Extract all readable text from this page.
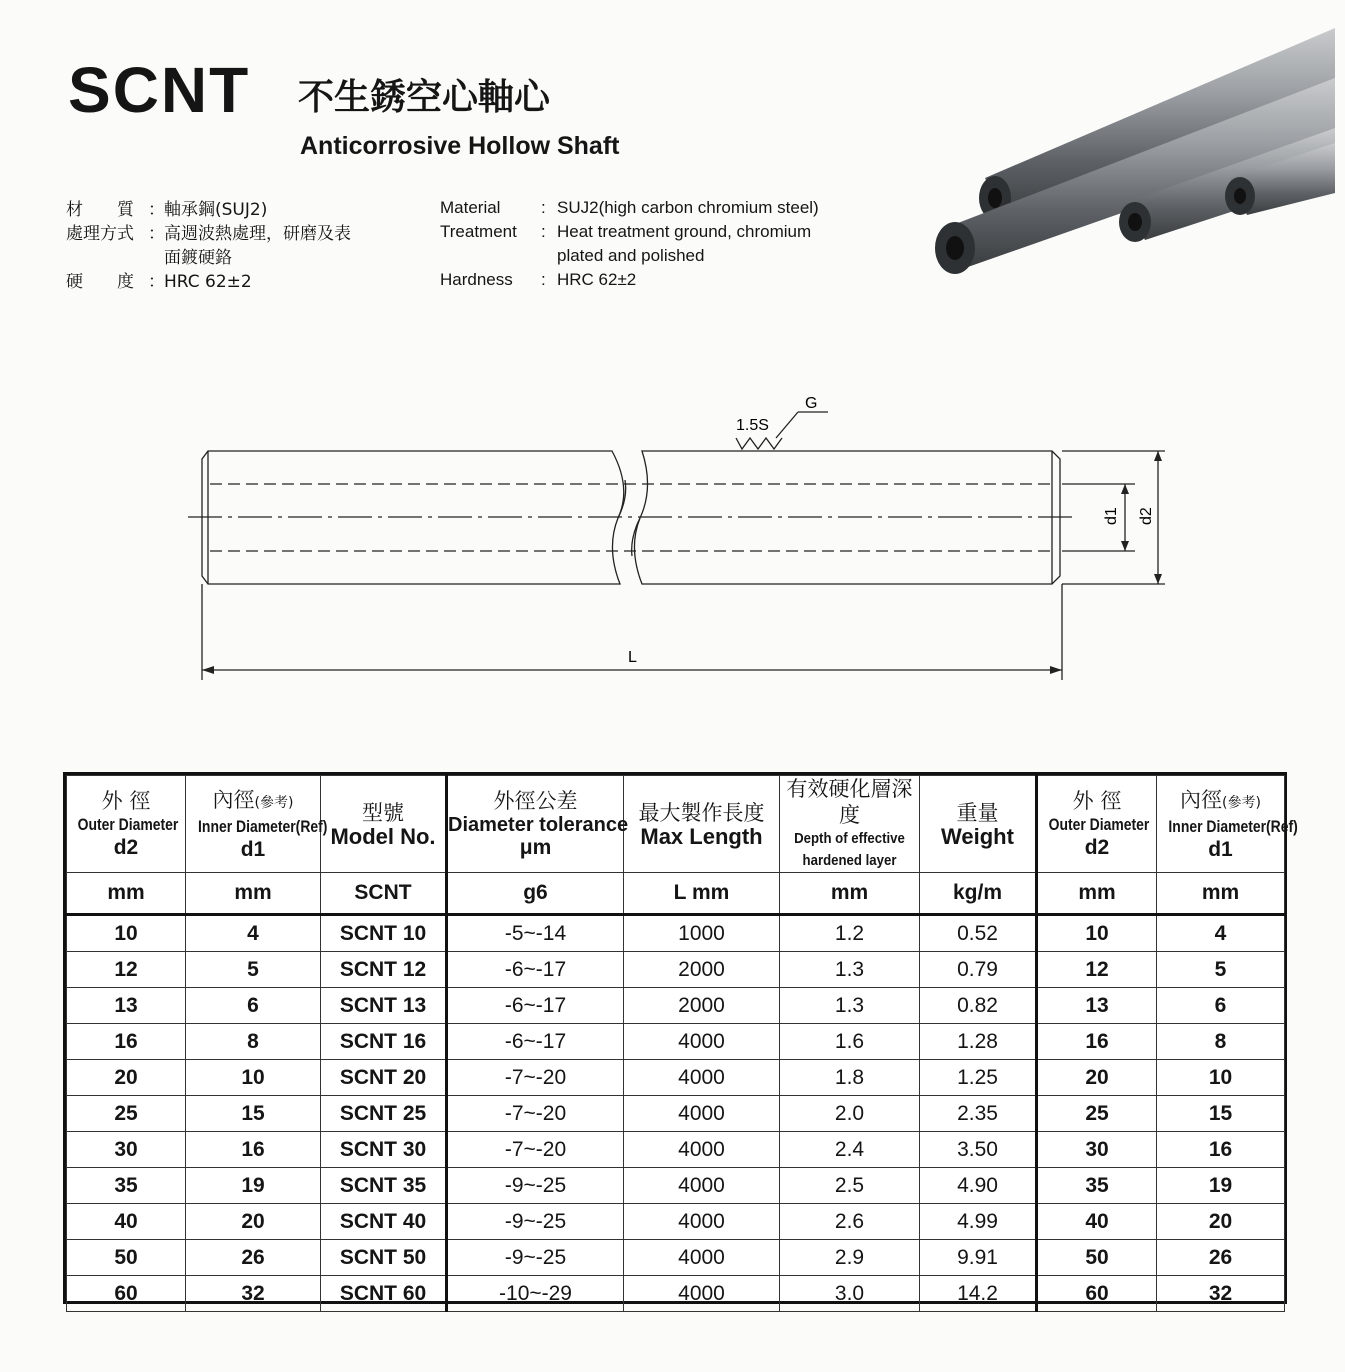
SCNT 不生銹空心軸心
Anticorrosive Hollow Shaft
材　　質 ： 軸承鋼(SUJ2)
處理方式 ： 高週波熱處理，研磨及表
面鍍硬鉻
硬　　度 ： HRC 62±2
Material	: SUJ2(high carbon chromium steel)
Treatment	: Heat treatment ground, chromium
plated and polished
Hardness	: HRC 62±2
1.5S
G
d1 d2
L
外 徑
Outer Diameter
d2	內徑(參考)
Inner Diameter(Ref)
d1	型號
Model No.	外徑公差
Diameter tolerance
μm	最大製作長度
Max Length	有效硬化層深度
Depth of effective
hardened layer	重量
Weight	外 徑
Outer Diameter
d2	內徑(參考)
Inner Diameter(Ref)
d1

mm	mm	SCNT	g6	L mm	mm	kg/m	mm	mm
10	4	SCNT 10	-5~-14	1000	1.2	0.52	10	4
12	5	SCNT 12	-6~-17	2000	1.3	0.79	12	5
13	6	SCNT 13	-6~-17	2000	1.3	0.82	13	6
16	8	SCNT 16	-6~-17	4000	1.6	1.28	16	8
20	10	SCNT 20	-7~-20	4000	1.8	1.25	20	10
25	15	SCNT 25	-7~-20	4000	2.0	2.35	25	15
30	16	SCNT 30	-7~-20	4000	2.4	3.50	30	16
35	19	SCNT 35	-9~-25	4000	2.5	4.90	35	19
40	20	SCNT 40	-9~-25	4000	2.6	4.99	40	20
50	26	SCNT 50	-9~-25	4000	2.9	9.91	50	26
60	32	SCNT 60	-10~-29	4000	3.0	14.2	60	32
